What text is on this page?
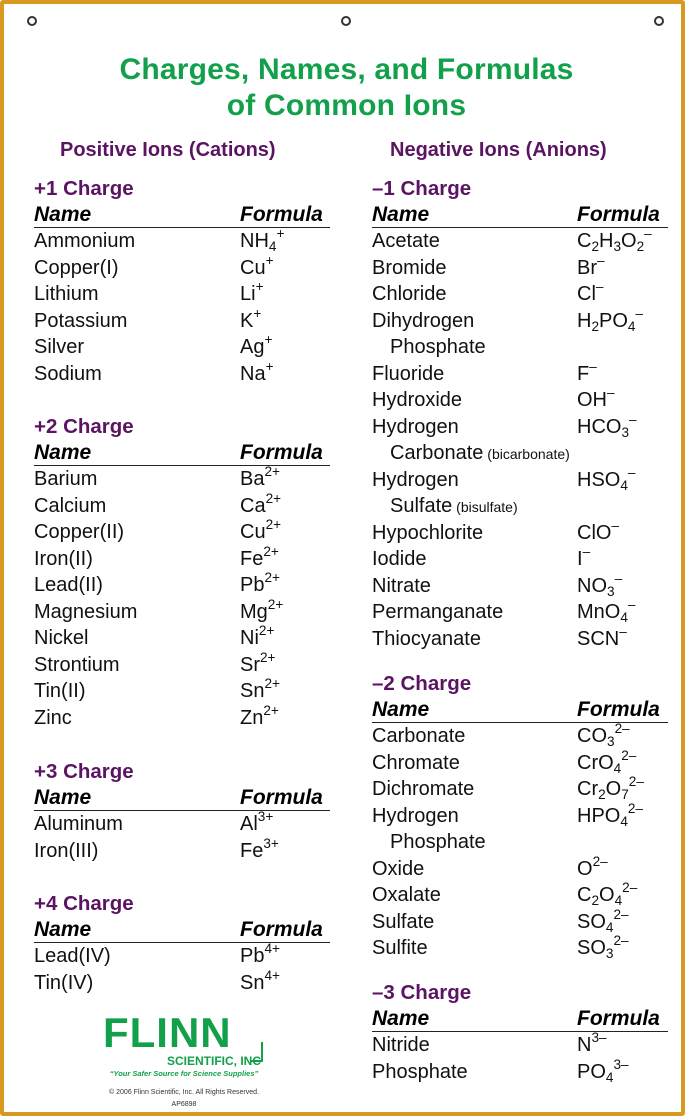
Charges, Names, and Formulas
of Common Ions
Positive Ions (Cations)	Negative Ions (Anions)
+1 Charge
Name	Formula
Ammonium	$NH_4^+$
Copper(I)	Cu+
Lithium	Li+
Potassium	K+
Silver	Ag+
Sodium	Na+
+2 Charge
Name	Formula
Barium	$Ba^{2+}$
Calcium	$Ca^{2+}$
Copper(II)	$Cu^{2+}$
Iron(II)	$Fe^{2+}$
Lead(II)	$Pb^{2+}$
Magnesium	$Mg^{2+}$
Nickel	$Ni^{2+}$
Strontium	$Sr^{2+}$
Tin(II)	$Sn^{2+}$
Zinc	$Zn^{2+}$
+3 Charge
Name	Formula
Aluminum	$Al^{3+}$
Iron(III)	$Fe^{3+}$
+4 Charge
Name	Formula
Lead(IV)	$Pb^{4+}$
Tin(IV)	$Sn^{4+}$
–1 Charge
Name	Formula
Acetate	$C_2H_3O_2^-$
Bromide	Br–
Chloride	Cl–
Dihydrogen	$H_2PO_4^-$
Phosphate
Fluoride	F–
Hydroxide	OH–
Hydrogen	$HCO_3^-$
Carbonate (bicarbonate)
Hydrogen	$HSO_4^-$
Sulfate (bisulfate)
Hypochlorite	ClO–
Iodide	I–
Nitrate	$NO_3^-$
Permanganate	MnO$_4$–
Thiocyanate	SCN–
–2 Charge
Name	Formula
Carbonate	$CO_3^{2-}$
Chromate	CrO$_4^{2-}$
Dichromate	$Cr_2O_7^{2-}$
Hydrogen	$HPO_4^{2-}$
Phosphate
Oxide	$O^{2-}$
Oxalate	$C_2O_4^{2-}$
Sulfate	$SO_4^{2-}$
Sulfite	$SO_3^{2-}$
–3 Charge
Name	Formula
Nitride	$N^{3-}$
Phosphate	$PO_4^{3-}$
FLINN
SCIENTIFIC, INC
“Your Safer Source for Science Supplies”
© 2006 Flinn Scientific, Inc. All Rights Reserved.
AP6898
